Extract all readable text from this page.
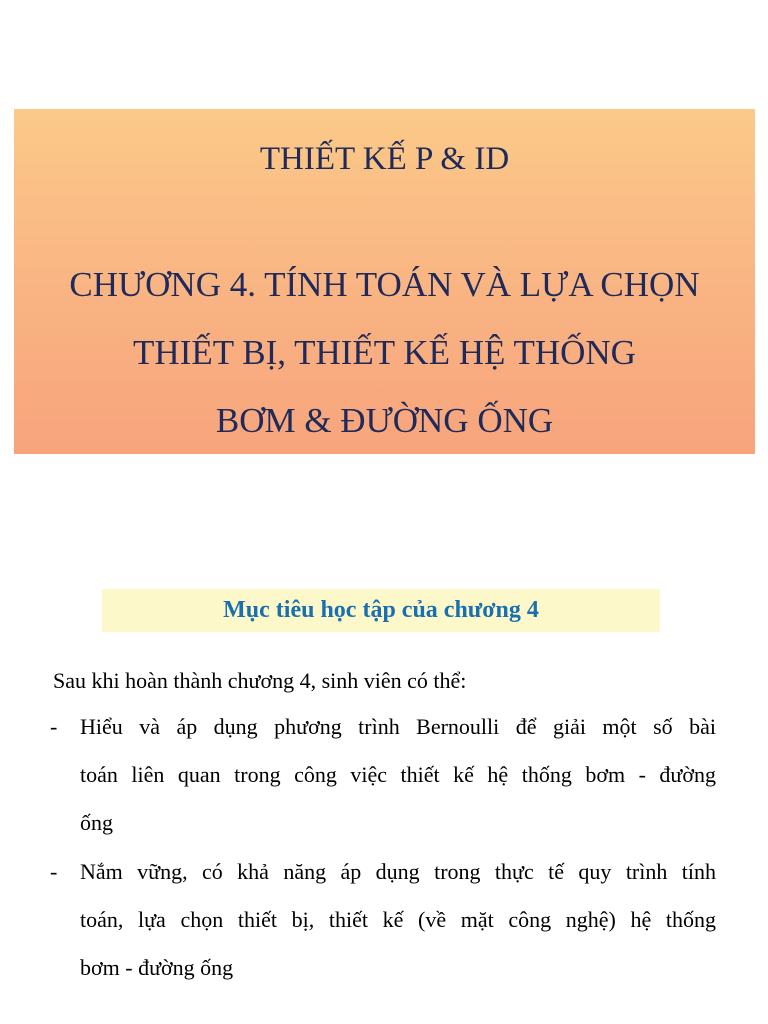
THIẾT KẾ P & ID
CHƯƠNG 4. TÍNH TOÁN VÀ LỰA CHỌN
THIẾT BỊ, THIẾT KẾ HỆ THỐNG
BƠM & ĐƯỜNG ỐNG
Mục tiêu học tập của chương 4

Sau khi hoàn thành chương 4, sinh viên có thể:

- Hiểu và áp dụng phương trình Bernoulli để giải một số bài
toán liên quan trong công việc thiết kế hệ thống bơm - đường
ống
- Nắm vững, có khả năng áp dụng trong thực tế quy trình tính
toán, lựa chọn thiết bị, thiết kế (về mặt công nghệ) hệ thống
bơm - đường ống
